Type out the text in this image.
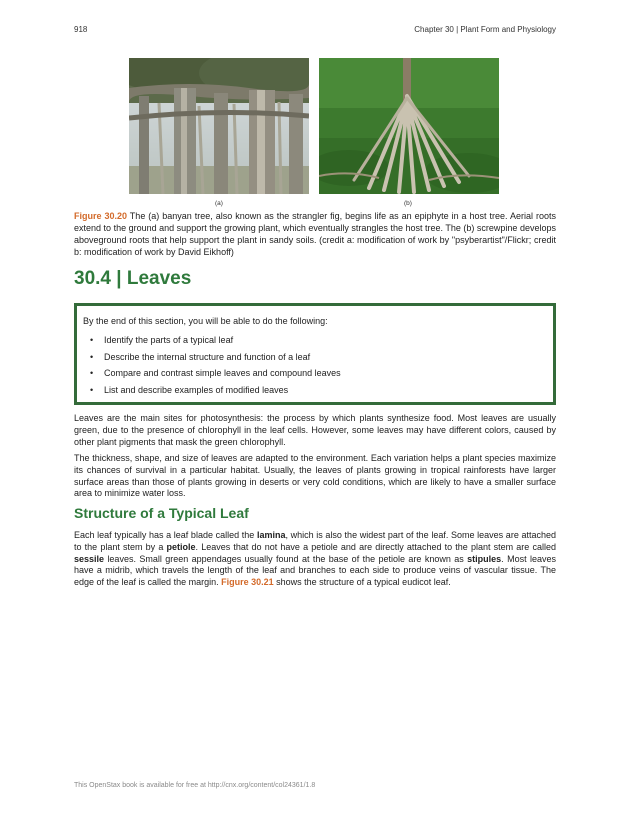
918	Chapter 30 | Plant Form and Physiology
(a)	(b)
Figure 30.20 The (a) banyan tree, also known as the strangler fig, begins life as an epiphyte in a host tree. Aerial roots extend to the ground and support the growing plant, which eventually strangles the host tree. The (b) screwpine develops aboveground roots that help support the plant in sandy soils. (credit a: modification of work by "psyberartist"/Flickr; credit b: modification of work by David Eikhoff)
30.4 | Leaves
By the end of this section, you will be able to do the following:
• Identify the parts of a typical leaf
• Describe the internal structure and function of a leaf
• Compare and contrast simple leaves and compound leaves
• List and describe examples of modified leaves

Leaves are the main sites for photosynthesis: the process by which plants synthesize food. Most leaves are usually green, due to the presence of chlorophyll in the leaf cells. However, some leaves may have different colors, caused by other plant pigments that mask the green chlorophyll.

The thickness, shape, and size of leaves are adapted to the environment. Each variation helps a plant species maximize its chances of survival in a particular habitat. Usually, the leaves of plants growing in tropical rainforests have larger surface areas than those of plants growing in deserts or very cold conditions, which are likely to have a smaller surface area to minimize water loss.

Structure of a Typical Leaf

Each leaf typically has a leaf blade called the lamina, which is also the widest part of the leaf. Some leaves are attached to the plant stem by a petiole. Leaves that do not have a petiole and are directly attached to the plant stem are called sessile leaves. Small green appendages usually found at the base of the petiole are known as stipules. Most leaves have a midrib, which travels the length of the leaf and branches to each side to produce veins of vascular tissue. The edge of the leaf is called the margin. Figure 30.21 shows the structure of a typical eudicot leaf.

This OpenStax book is available for free at http://cnx.org/content/col24361/1.8
